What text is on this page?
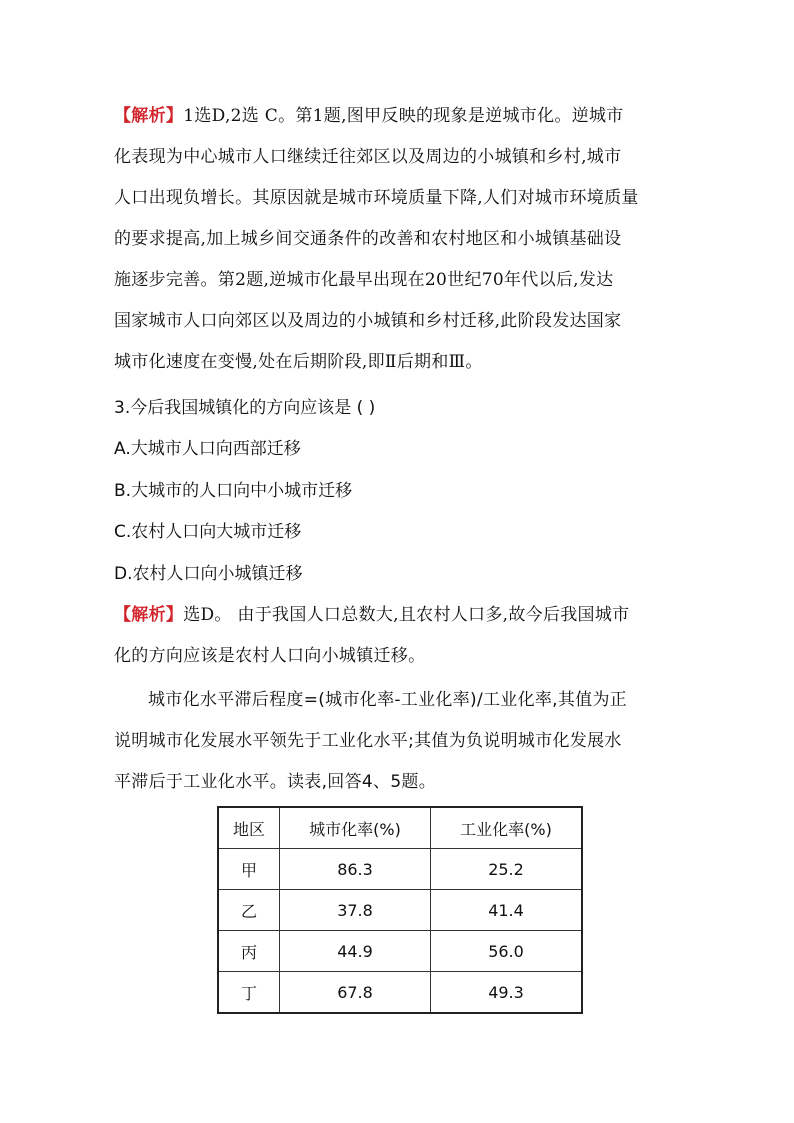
【解析】1选D,2选 C。第1题,图甲反映的现象是逆城市化。逆城市
化表现为中心城市人口继续迁往郊区以及周边的小城镇和乡村,城市
人口出现负增长。其原因就是城市环境质量下降,人们对城市环境质量
的要求提高,加上城乡间交通条件的改善和农村地区和小城镇基础设
施逐步完善。第2题,逆城市化最早出现在20世纪70年代以后,发达
国家城市人口向郊区以及周边的小城镇和乡村迁移,此阶段发达国家
城市化速度在变慢,处在后期阶段,即Ⅱ后期和Ⅲ。

3.今后我国城镇化的方向应该是 ( )

A.大城市人口向西部迁移

B.大城市的人口向中小城市迁移

C.农村人口向大城市迁移

D.农村人口向小城镇迁移

【解析】选D。 由于我国人口总数大,且农村人口多,故今后我国城市
化的方向应该是农村人口向小城镇迁移。
城市化水平滞后程度=(城市化率-工业化率)/工业化率,其值为正
说明城市化发展水平领先于工业化水平;其值为负说明城市化发展水
平滞后于工业化水平。读表,回答4、5题。
地区	城市化率(%)	工业化率(%)
甲	86.3	25.2
乙	37.8	41.4
丙	44.9	56.0
丁	67.8	49.3
